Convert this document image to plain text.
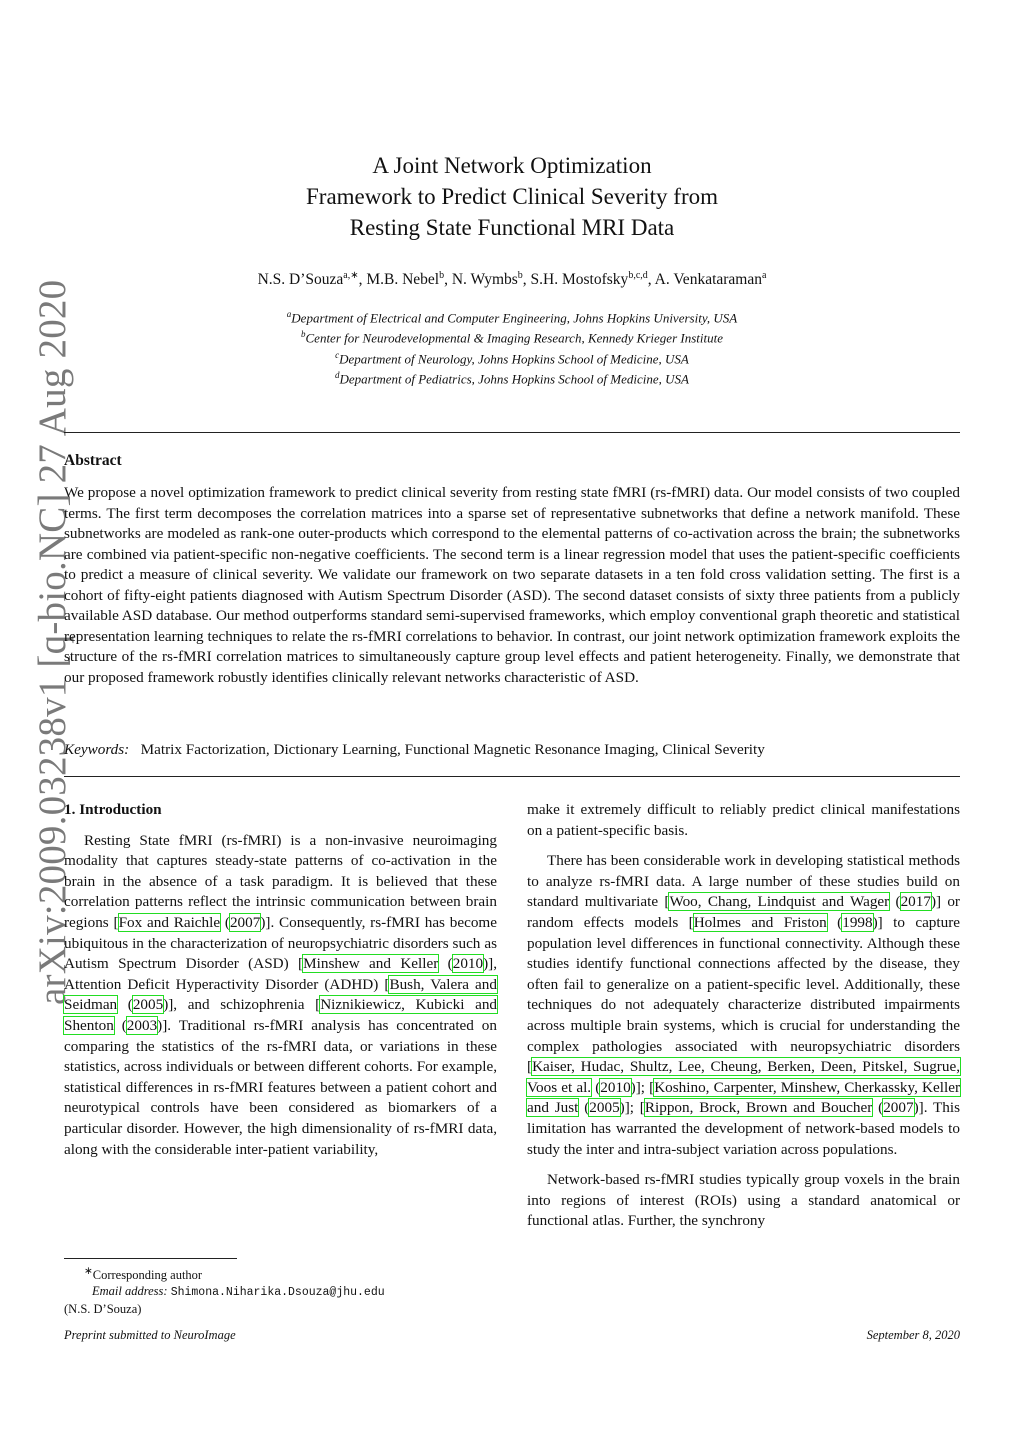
arXiv:2009.03238v1 [q-bio.NC] 27 Aug 2020
A Joint Network Optimization
Framework to Predict Clinical Severity from
Resting State Functional MRI Data
N.S. D’Souza$^{a,∗}$, M.B. Nebel$^b$, N. Wymbs$^b$, S.H. Mostofsky$^{b,c,d}$, A. Venkataraman$^a$
$^a$Department of Electrical and Computer Engineering, Johns Hopkins University, USA
$^b$Center for Neurodevelopmental & Imaging Research, Kennedy Krieger Institute
$^c$Department of Neurology, Johns Hopkins School of Medicine, USA
$^d$Department of Pediatrics, Johns Hopkins School of Medicine, USA
Abstract
We propose a novel optimization framework to predict clinical severity from resting state fMRI (rs-fMRI) data. Our model consists of two coupled terms. The first term decomposes the correlation matrices into a sparse set of representative subnetworks that define a network manifold. These subnetworks are modeled as rank-one outer-products which correspond to the elemental patterns of co-activation across the brain; the subnetworks are combined via patient-specific non-negative coefficients. The second term is a linear regression model that uses the patient-specific coefficients to predict a measure of clinical severity. We validate our framework on two separate datasets in a ten fold cross validation setting. The first is a cohort of fifty-eight patients diagnosed with Autism Spectrum Disorder (ASD). The second dataset consists of sixty three patients from a publicly available ASD database. Our method outperforms standard semi-supervised frameworks, which employ conventional graph theoretic and statistical representation learning techniques to relate the rs-fMRI correlations to behavior. In contrast, our joint network optimization framework exploits the structure of the rs-fMRI correlation matrices to simultaneously capture group level effects and patient heterogeneity. Finally, we demonstrate that our proposed framework robustly identifies clinically relevant networks characteristic of ASD.
Keywords: Matrix Factorization, Dictionary Learning, Functional Magnetic Resonance Imaging, Clinical Severity
1. Introduction

Resting State fMRI (rs-fMRI) is a non-invasive neuroimaging modality that captures steady-state patterns of co-activation in the brain in the absence of a task paradigm. It is believed that these correlation patterns reflect the intrinsic communication between brain regions [Fox and Raichle (2007)]. Consequently, rs-fMRI has become ubiquitous in the characterization of neuropsychiatric disorders such as Autism Spectrum Disorder (ASD) [Minshew and Keller (2010)], Attention Deficit Hyperactivity Disorder (ADHD) [Bush, Valera and Seidman (2005)], and schizophrenia [Niznikiewicz, Kubicki and Shenton (2003)]. Traditional rs-fMRI analysis has concentrated on comparing the statistics of the rs-fMRI data, or variations in these statistics, across individuals or between different cohorts. For example, statistical differences in rs-fMRI features between a patient cohort and neurotypical controls have been considered as biomarkers of a particular disorder. However, the high dimensionality of rs-fMRI data, along with the considerable inter-patient variability,

make it extremely difficult to reliably predict clinical manifestations on a patient-specific basis.

There has been considerable work in developing statistical methods to analyze rs-fMRI data. A large number of these studies build on standard multivariate [Woo, Chang, Lindquist and Wager (2017)] or random effects models [Holmes and Friston (1998)] to capture population level differences in functional connectivity. Although these studies identify functional connections affected by the disease, they often fail to generalize on a patient-specific level. Additionally, these techniques do not adequately characterize distributed impairments across multiple brain systems, which is crucial for understanding the complex pathologies associated with neuropsychiatric disorders [Kaiser, Hudac, Shultz, Lee, Cheung, Berken, Deen, Pitskel, Sugrue, Voos et al. (2010)]; [Koshino, Carpenter, Minshew, Cherkassky, Keller and Just (2005)]; [Rippon, Brock, Brown and Boucher (2007)]. This limitation has warranted the development of network-based models to study the inter and intra-subject variation across populations.

Network-based rs-fMRI studies typically group voxels in the brain into regions of interest (ROIs) using a standard anatomical or functional atlas. Further, the synchrony

∗Corresponding author
Email address: Shimona.Niharika.Dsouza@jhu.edu
(N.S. D’Souza)
Preprint submitted to NeuroImage	September 8, 2020
